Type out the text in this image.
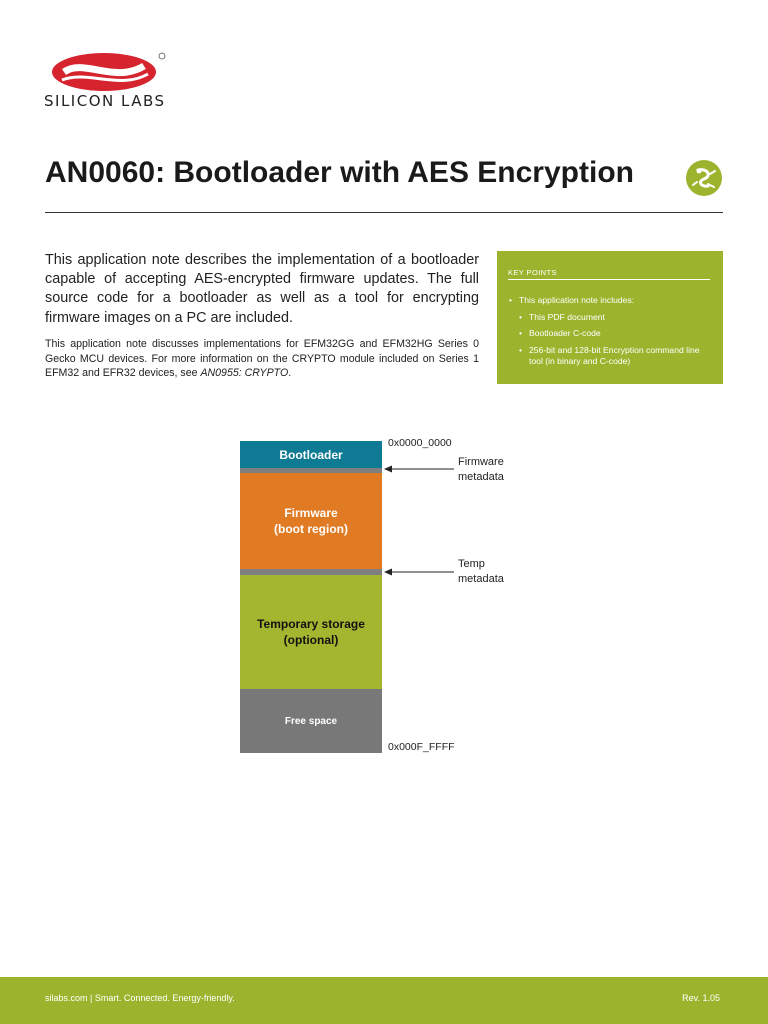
SILICON LABS
AN0060: Bootloader with AES Encryption

This application note describes the implementation of a bootloader capable of accepting AES-encrypted firmware updates. The full source code for a bootloader as well as a tool for encrypting firmware images on a PC are included.

This application note discusses implementations for EFM32GG and EFM32HG Series 0 Gecko MCU devices. For more information on the CRYPTO module included on Series 1 EFM32 and EFR32 devices, see AN0955: CRYPTO.

KEY POINTS
• This application note includes:
• This PDF document
• Bootloader C-code
• 256-bit and 128-bit Encryption command line tool (in binary and C-code)
Bootloader
Firmware
(boot region)
Temporary storage
(optional)
Free space
0x0000_0000
0x000F_FFFF
Firmware
metadata
Temp
metadata
silabs.com | Smart. Connected. Energy-friendly.	Rev. 1.05
